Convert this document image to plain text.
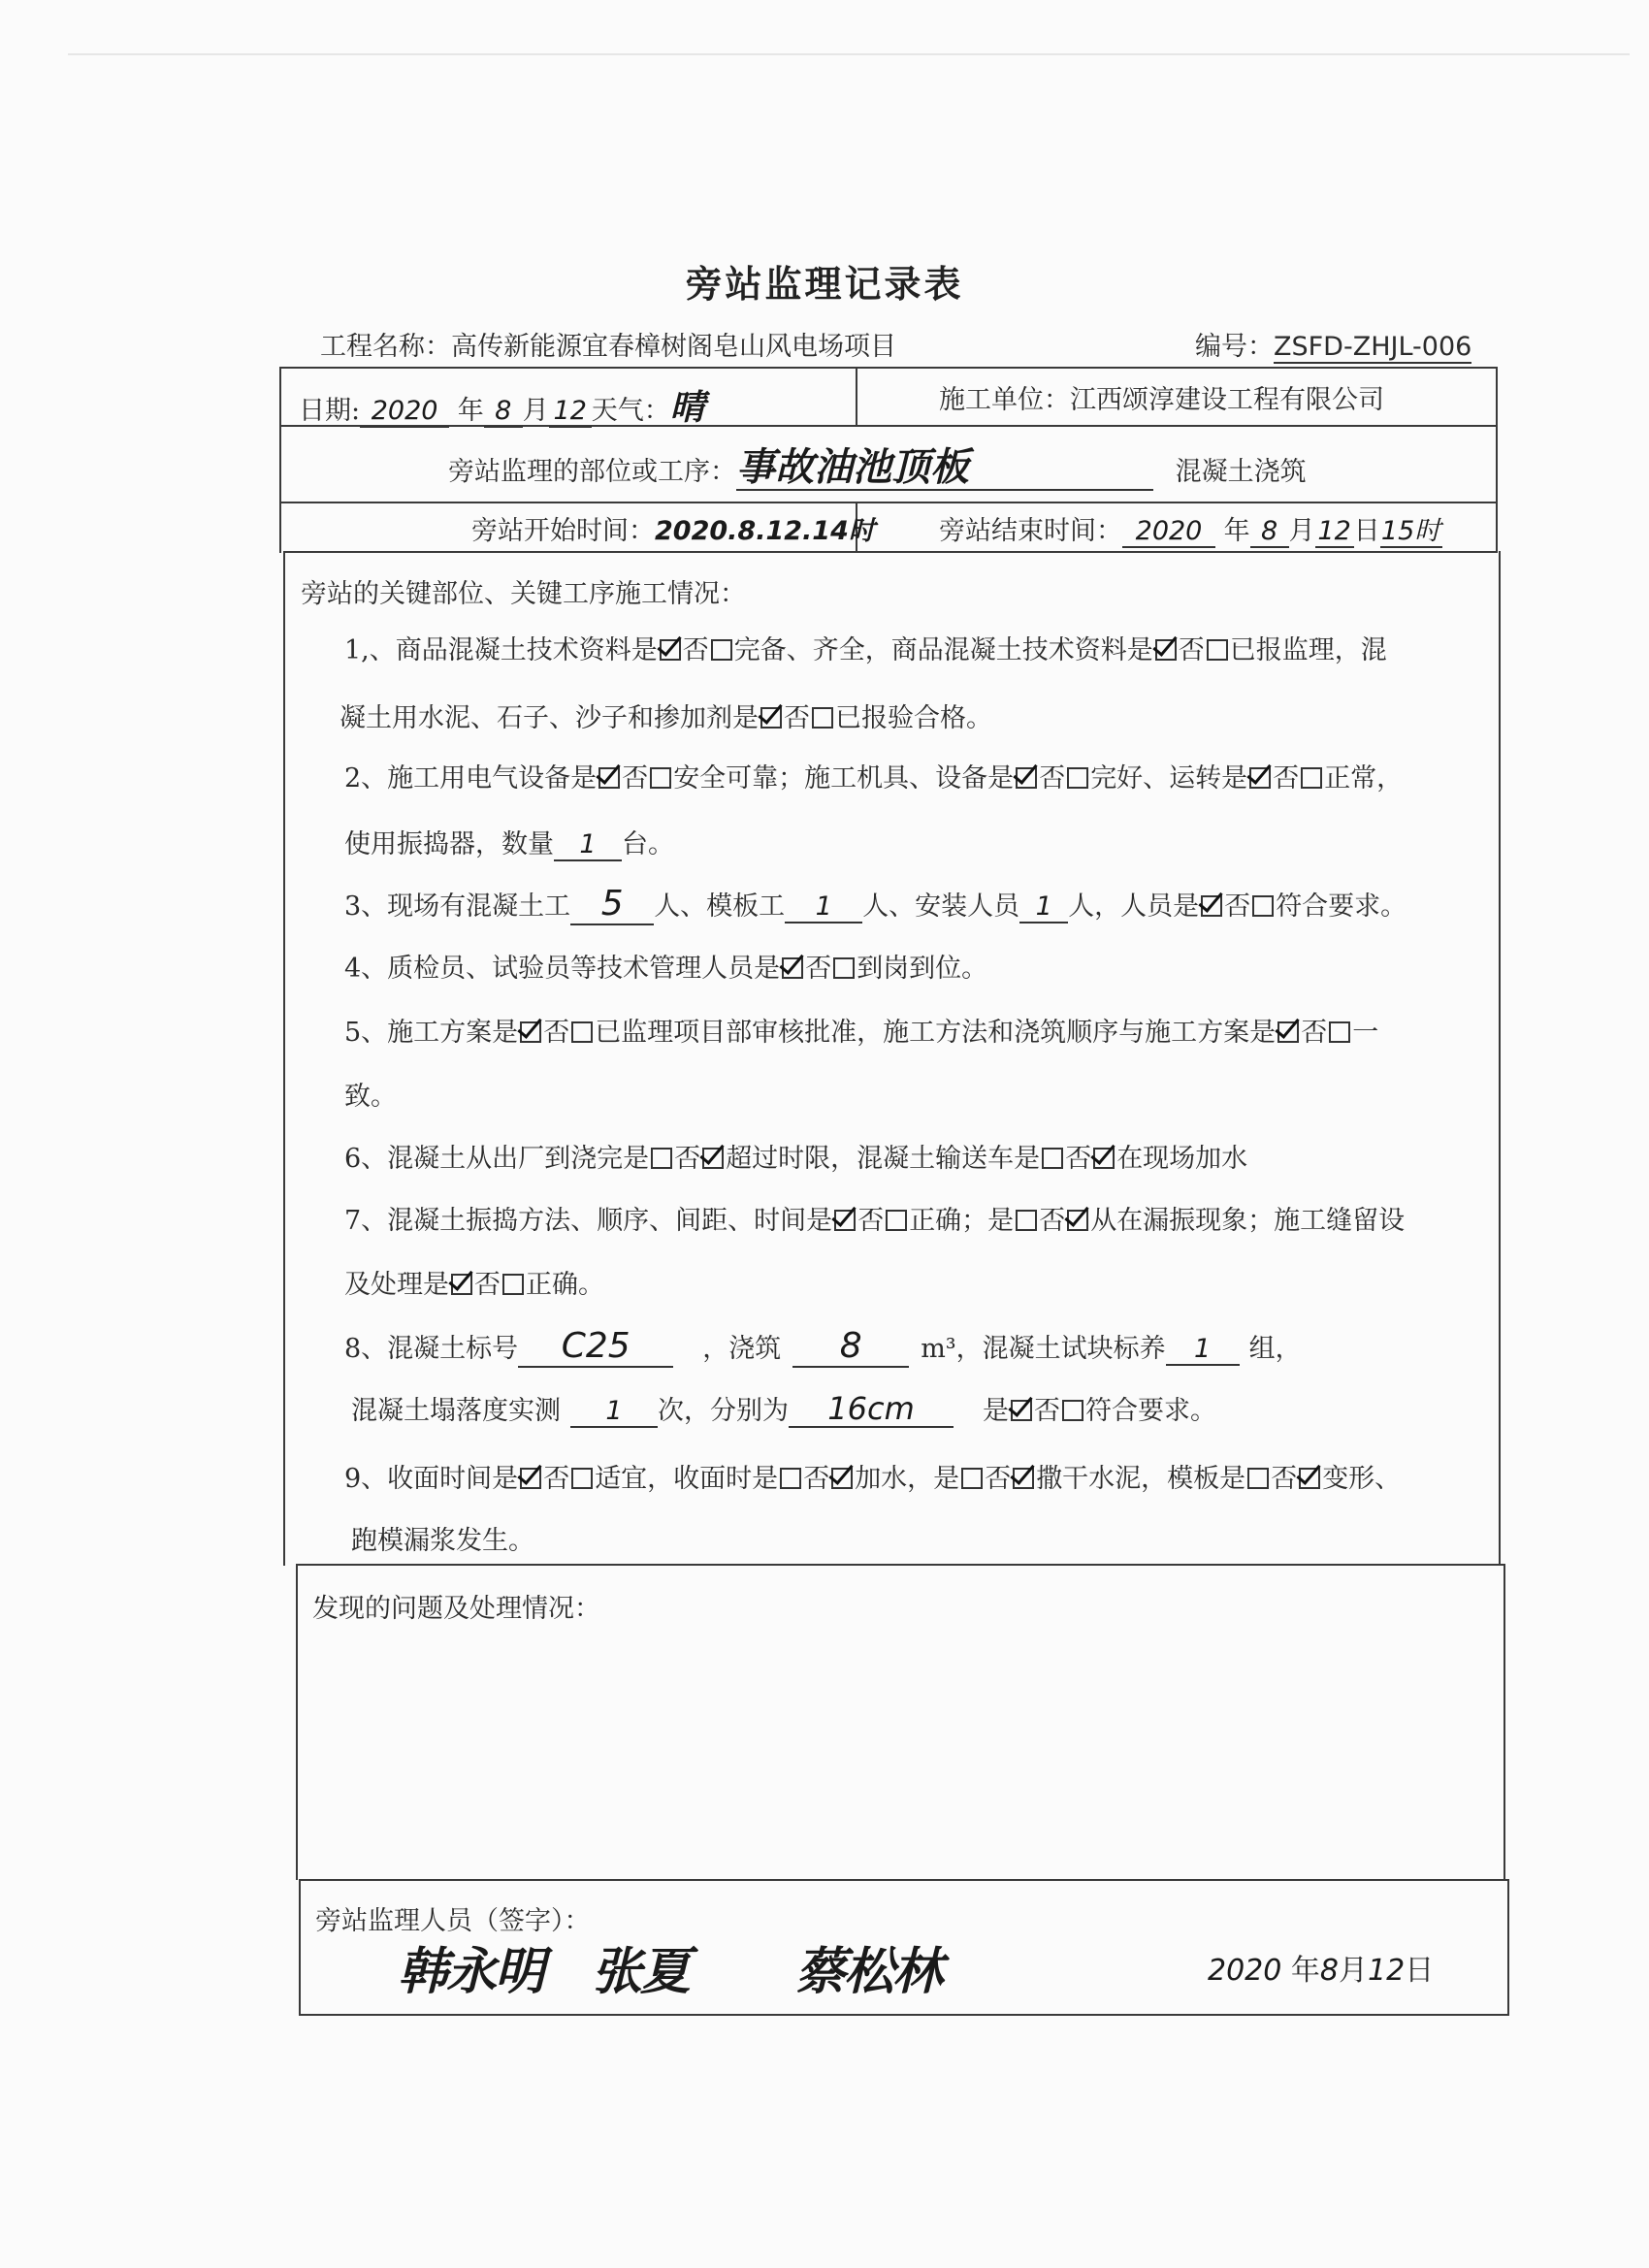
旁站监理记录表
工程名称：高传新能源宜春樟树阁皂山风电场项目	编号：ZSFD-ZHJL-006
日期: 2020 年 8 月 12 天气：晴	施工单位：江西颂淳建设工程有限公司
旁站监理的部位或工序：事故油池顶板	混凝土浇筑
旁站开始时间：2020.8.12.14时 旁站结束时间： 2020 年 8 月 12 日15时
旁站的关键部位、关键工序施工情况：
1,、商品混凝土技术资料是 否 完备、齐全，商品混凝土技术资料是 否 已报监理，混
凝土用水泥、石子、沙子和掺加剂是 否 已报验合格。
2、施工用电气设备是 否 安全可靠；施工机具、设备是 否 完好、运转是 否 正常，
使用振捣器，数量 1 台。
3、现场有混凝土工 5 人、模板工 1 人、安装人员 1 人，人员是 否 符合要求。
4、质检员、试验员等技术管理人员是 否 到岗到位。
5、施工方案是 否 已监理项目部审核批准，施工方法和浇筑顺序与施工方案是 否 一
致。
6、混凝土从出厂到浇完是 否 超过时限，混凝土输送车是 否 在现场加水
7、混凝土振捣方法、顺序、间距、时间是 否 正确；是 否 从在漏振现象；施工缝留设
及处理是 否 正确。
8、混凝土标号 C25	，浇筑 8 m³，混凝土试块标养 1 组，
混凝土塌落度实测 1 次，分别为 16cm	是 否 符合要求。
9、收面时间是 否 适宜，收面时是 否 加水，是 否 撒干水泥，模板是 否 变形、
跑模漏浆发生。
发现的问题及处理情况：
旁站监理人员（签字）：
韩永明 张夏 蔡松林	2020 年8月12日
